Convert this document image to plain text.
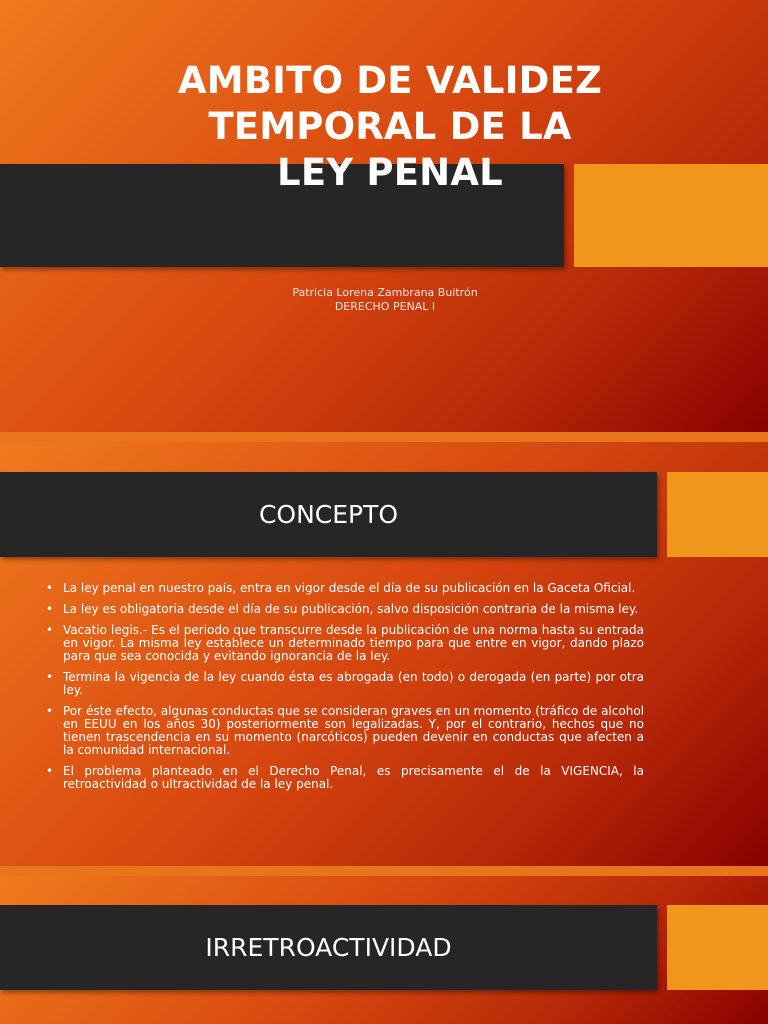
AMBITO DE VALIDEZ TEMPORAL DE LA LEY PENAL
Patricia Lorena Zambrana Buitrón
DERECHO PENAL I
CONCEPTO
• La ley penal en nuestro país, entra en vigor desde el día de su publicación en la Gaceta Oficial.
• La ley es obligatoria desde el día de su publicación, salvo disposición contraria de la misma ley.
• Vacatio legis.- Es el periodo que transcurre desde la publicación de una norma hasta su entrada en vigor. La misma ley establece un determinado tiempo para que entre en vigor, dando plazo para que sea conocida y evitando ignorancia de la ley.
• Termina la vigencia de la ley cuando ésta es abrogada (en todo) o derogada (en parte) por otra ley.
• Por éste efecto, algunas conductas que se consideran graves en un momento (tráfico de alcohol en EEUU en los años 30) posteriormente son legalizadas. Y, por el contrario, hechos que no tienen trascendencia en su momento (narcóticos) pueden devenir en conductas que afecten a la comunidad internacional.
• El problema planteado en el Derecho Penal, es precisamente el de la VIGENCIA, la retroactividad o ultractividad de la ley penal.
IRRETROACTIVIDAD
